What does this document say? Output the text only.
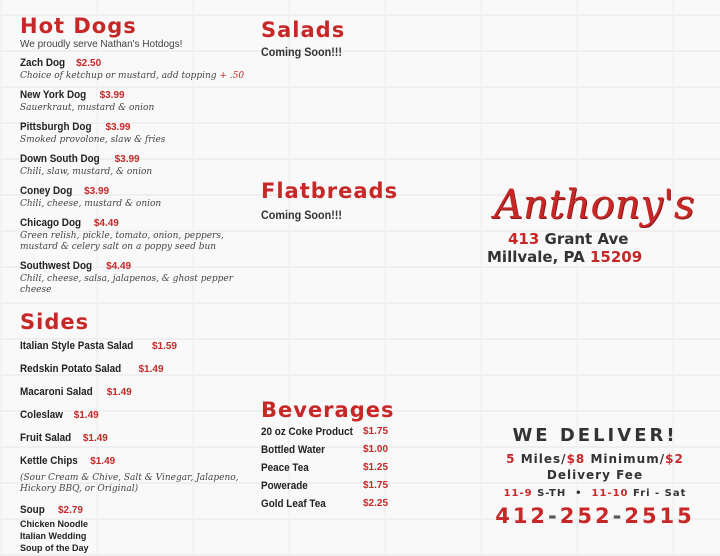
Hot Dogs
We proudly serve Nathan's Hotdogs!
Zach Dog $2.50
Choice of ketchup or mustard, add topping + .50
New York Dog $3.99
Sauerkraut, mustard & onion
Pittsburgh Dog $3.99
Smoked provolone, slaw & fries
Down South Dog $3.99
Chili, slaw, mustard, & onion
Coney Dog $3.99
Chili, cheese, mustard & onion
Chicago Dog $4.49
Green relish, pickle, tomato, onion, peppers, mustard & celery salt on a poppy seed bun
Southwest Dog $4.49
Chili, cheese, salsa, jalapenos, & ghost pepper cheese
Sides
Italian Style Pasta Salad $1.59
Redskin Potato Salad $1.49
Macaroni Salad $1.49
Coleslaw $1.49
Fruit Salad $1.49
Kettle Chips $1.49
(Sour Cream & Chive, Salt & Vinegar, Jalapeno, Hickory BBQ, or Original)
Soup $2.79
Chicken Noodle
Italian Wedding
Soup of the Day
Salads
Coming Soon!!!
Flatbreads
Coming Soon!!!
Beverages
20 oz Coke Product $1.75
Bottled Water	$1.00
Peace Tea	$1.25
Powerade	$1.75
Gold Leaf Tea	$2.25
Anthony's
413 Grant Ave
Millvale, PA 15209
WE DELIVER!
5 Miles/$8 Minimum/$2
Delivery Fee
11-9 S-TH • 11-10 Fri - Sat
412-252-2515
